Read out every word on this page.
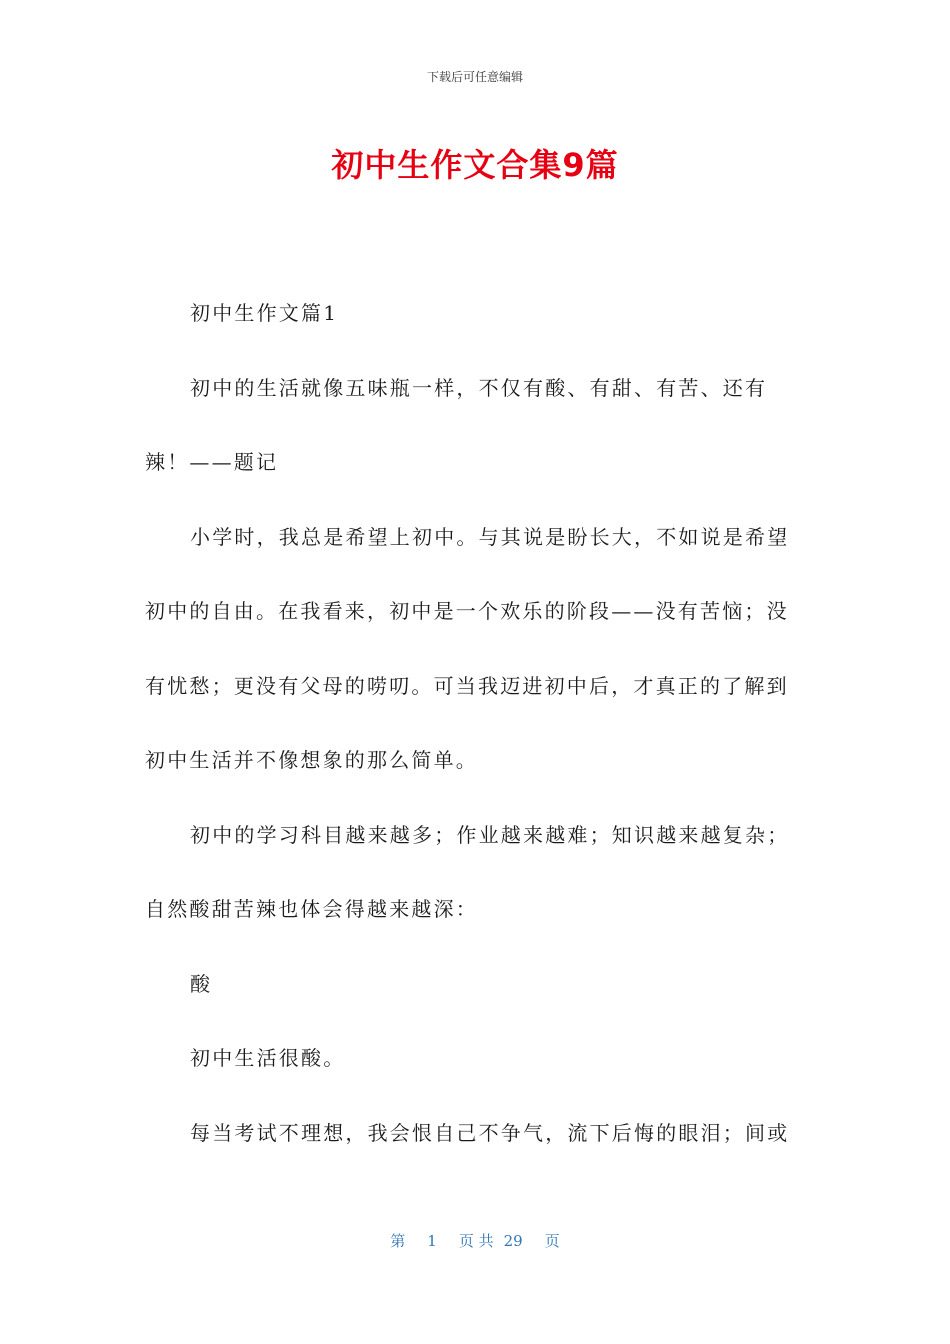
下载后可任意编辑
初中生作文合集9篇

初中生作文篇1

初中的生活就像五味瓶一样，不仅有酸、有甜、有苦、还有辣！——题记

小学时，我总是希望上初中。与其说是盼长大，不如说是希望初中的自由。在我看来，初中是一个欢乐的阶段——没有苦恼；没有忧愁；更没有父母的唠叨。可当我迈进初中后，才真正的了解到初中生活并不像想象的那么简单。

初中的学习科目越来越多；作业越来越难；知识越来越复杂；自然酸甜苦辣也体会得越来越深：

酸

初中生活很酸。

每当考试不理想，我会恨自己不争气，流下后悔的眼泪；间或

第 1 页 共 29 页
